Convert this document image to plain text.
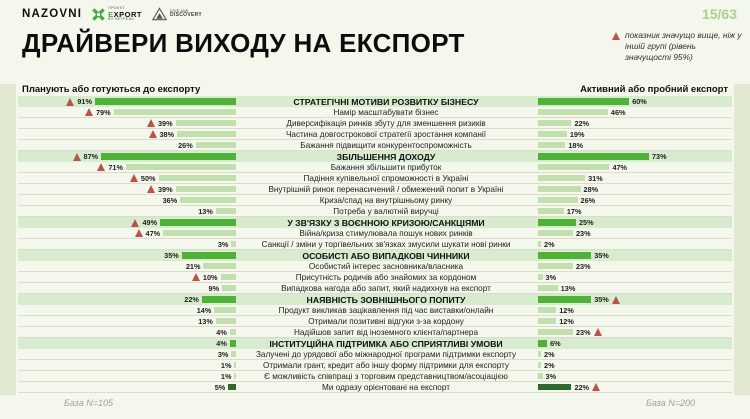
NAZOVNI
ПРОЄКТ
EXPORT
BY NETPEAK
DIVE AND
DISCOVERY	15/63
ДРАЙВЕРИ ВИХОДУ НА ЕКСПОРТ	показник значущо вище, ніж у іншій групі (рівень значущості 95%)
Планують або готуються до експорту	Активний або пробний експорт
91%	СТРАТЕГІЧНІ МОТИВИ РОЗВИТКУ БІЗНЕСУ	60%
79%	Намір масштабувати бізнес	46%
39%	Диверсифікація ринків збуту для зменшення ризиків	22%
38%	Частина довгострокової стратегії зростання компанії	19%
26%	Бажання підвищити конкурентоспроможність	18%
87%	ЗБІЛЬШЕННЯ ДОХОДУ	73%
71%	Бажання збільшити прибуток	47%
50%	Падіння купівельної спроможності в Україні	31%
39%	Внутрішній ринок перенасичений / обмежений попит в Україні	28%
36%	Криза/спад на внутрішньому ринку	26%
13%	Потреба у валютній виручці	17%
49%	У ЗВ'ЯЗКУ З ВОЄННОЮ КРИЗОЮ/САНКЦІЯМИ	25%
47%	Війна/криза стимулювала пошук нових ринків	23%
3%	Санкції / зміни у торгівельних зв'язках змусили шукати нові ринки	2%
35%	ОСОБИСТІ АБО ВИПАДКОВІ ЧИННИКИ	35%
21%	Особистий інтерес засновника/власника	23%
10%	Присутність родичів або знайомих за кордоном	3%
9%	Випадкова нагода або запит, який надихнув на експорт	13%
22%	НАЯВНІСТЬ ЗОВНІШНЬОГО ПОПИТУ	35%
14%	Продукт викликав зацікавлення під час виставки/онлайн	12%
13%	Отримали позитивні відгуки з-за кордону	12%
4%	Надійшов запит від іноземного клієнта/партнера	23%
4%	ІНСТИТУЦІЙНА ПІДТРИМКА АБО СПРИЯТЛИВІ УМОВИ	6%
3%	Залучені до урядової або міжнародної програми підтримки експорту	2%
1%	Отримали грант, кредит або іншу форму підтримки для експорту	2%
1%	Є можливість співпраці з торговим представництвом/асоціацією	3%
5%	Ми одразу орієнтовані на експорт	22%
База N=105	База N=200
